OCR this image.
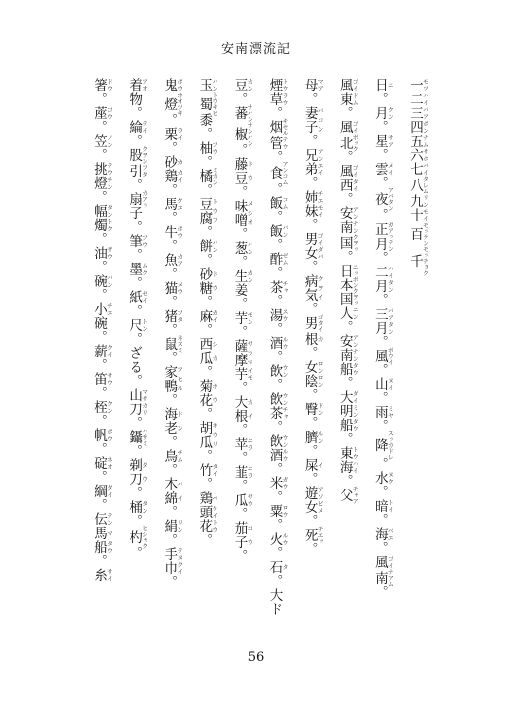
安南漂流記
一モツ二ハイ三バア四ボン五ナム六サホ七バイ八タレム九リン十モイ百モッテン千モッチョク
日ニ。月クン。星サア。雲メイ。夜アバタン。正月ガアッテン。二月ハイタン。三月バアタン。風ボウイ。山ヌイ。雨ミヤ。降スッカドレ。水ヌク。暗トイ。海ベエ。風ゴイ南ナアム。
風ゴイ東ドム。風ゴイ北ボック。風ゴイ西タイ。安南アンナン国クヲッ。日本国ニッポンクヲッ人ニン。安南船アンナンタウ。大明ダイミン船タウ。東海トウハイ。父チャア
母マア。妻子バコン。兄弟アンエイ。姉妹チエモイ。男ゴイ女ダバ。病気クヲイ。男ゴタイ根カ。女ロン陰ロン。臀ドン。臍ルン。屎イ。遊女アソビメ。死チエッ。
煙トウ草ラウ。烟キセル管テウ。食アンコム。飯コム。飯バン。酢ゼム。茶チャ。湯スウ。酒ルウ。飲ウン。飲ウン茶チャ。飲ウン酒ルウ。米ガウ。粟ロウ。火ルウ。石タ。大ド
豆カン。蕃ナバン椒ナンバン。藤ド豆ウ。味噌メシオ。葱ハン。生ガン姜。芋モン。薩摩サツマ芋イモ。大根カイ。苹ニラ。韮ニラ。瓜ザウ。茄子ゴウ。
玉バン蜀トウキビ黍。柚ブウ。橘ミカン。豆腐トウフ。餅バン。砂糖ドウ。麻ガイ。西瓜シカ。菊花ボウ。胡瓜キウリ。竹タイ。鶏ベ頭ケイ花トウ。
鬼ボウ燈ホオヅキ。栗ライ。砂ガ鶏カイ。馬ゲエ。牛ボウ。魚カア。猫メウ。猪ブタ。鼠ネズミ。家鴨アヒル。海老ドン。鳥チム。木綿バイ。絹リン。手巾テヌグイ。
着アオ物。綸テイ。股クヲン引フダ。扇カアッ子。筆ブウ。墨ムク。紙ゼイ。尺トン。ざる。山刀マサカリ。鑷ハサミ。剃刀ダウ。桶タン。杓ヒシャク。
箸ドウ。蓙ゴウ。笠ノン。挑テウ燈チン。幅タン燭トク。油ザウ。碗バン。小チエ碗。薪クイ。笛サウ。桎クン。帆ボウ。碇ネオ。綱ダイ。伝テン馬マ船タウ。糸サイ
56
